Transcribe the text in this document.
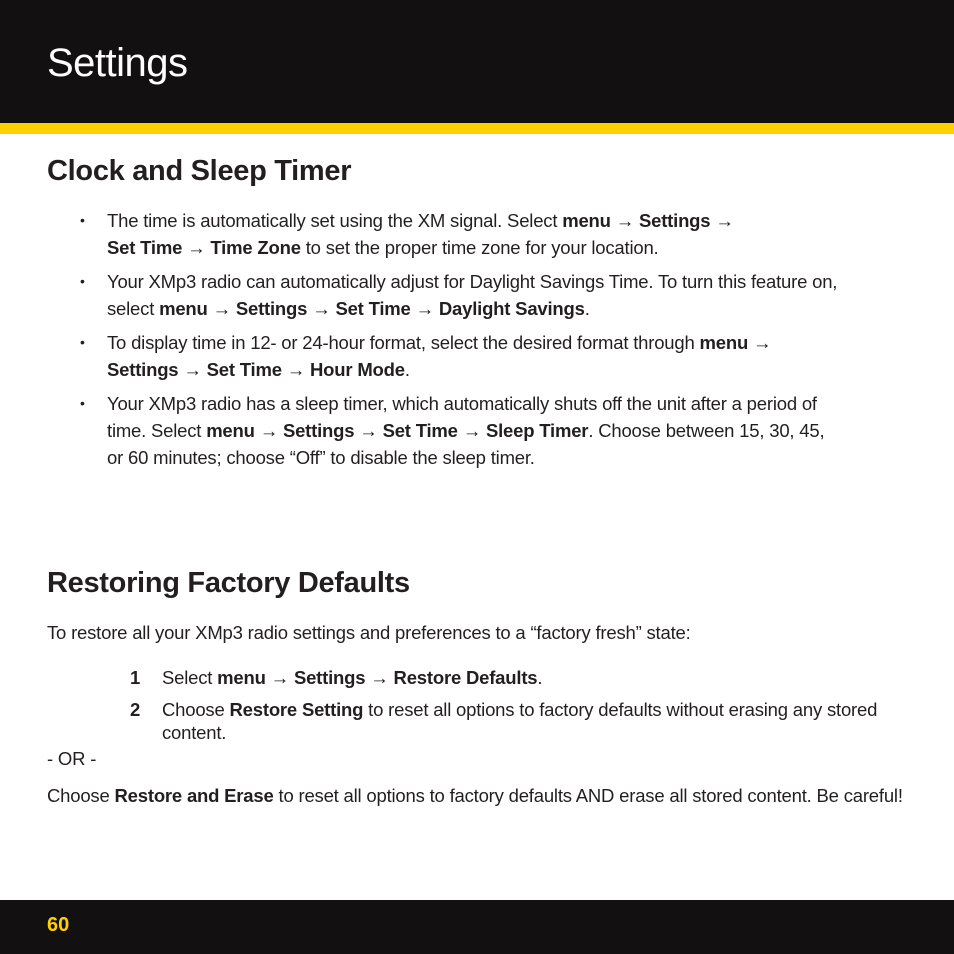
Settings
Clock and Sleep Timer
• The time is automatically set using the XM signal. Select menu → Settings →
Set Time → Time Zone to set the proper time zone for your location.
• Your XMp3 radio can automatically adjust for Daylight Savings Time. To turn this feature on, select menu → Settings → Set Time → Daylight Savings.
• To display time in 12- or 24-hour format, select the desired format through menu → Settings → Set Time → Hour Mode.
• Your XMp3 radio has a sleep timer, which automatically shuts off the unit after a period of time. Select menu → Settings → Set Time → Sleep Timer. Choose between 15, 30, 45, or 60 minutes; choose “Off” to disable the sleep timer.
Restoring Factory Defaults

To restore all your XMp3 radio settings and preferences to a “factory fresh” state:

1 Select menu → Settings → Restore Defaults.
2 Choose Restore Setting to reset all options to factory defaults without erasing any stored content.

- OR -

Choose Restore and Erase to reset all options to factory defaults AND erase all stored content. Be careful!

60
